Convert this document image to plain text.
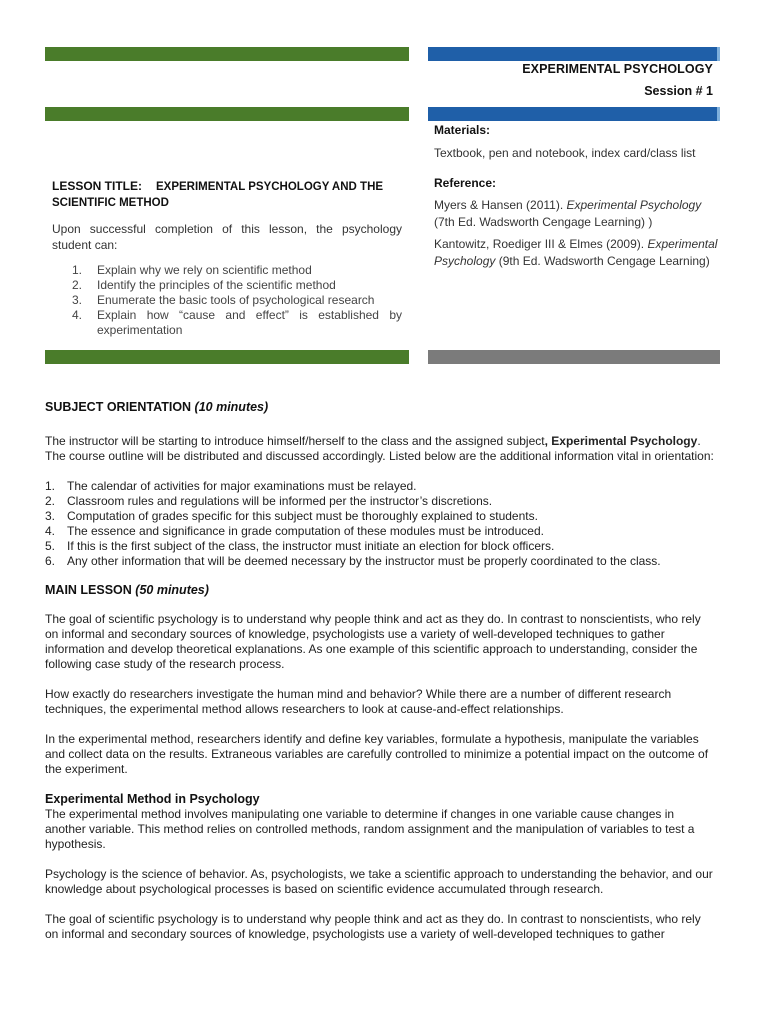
EXPERIMENTAL PSYCHOLOGY
Session # 1
LESSON TITLE: EXPERIMENTAL PSYCHOLOGY AND THE
SCIENTIFIC METHOD
Upon successful completion of this lesson, the psychology student can:
1.	Explain why we rely on scientific method
2.	Identify the principles of the scientific method
3.	Enumerate the basic tools of psychological research
4.	Explain how “cause and effect” is established by experimentation

Materials:

Textbook, pen and notebook, index card/class list

Reference:

Myers & Hansen (2011). Experimental Psychology (7th Ed. Wadsworth Cengage Learning) )

Kantowitz, Roediger III & Elmes (2009). Experimental Psychology (9th Ed. Wadsworth Cengage Learning)

SUBJECT ORIENTATION (10 minutes)

The instructor will be starting to introduce himself/herself to the class and the assigned subject, Experimental Psychology. The course outline will be distributed and discussed accordingly. Listed below are the additional information vital in orientation:

1. The calendar of activities for major examinations must be relayed.
2. Classroom rules and regulations will be informed per the instructor’s discretions.
3. Computation of grades specific for this subject must be thoroughly explained to students.
4. The essence and significance in grade computation of these modules must be introduced.
5. If this is the first subject of the class, the instructor must initiate an election for block officers.
6. Any other information that will be deemed necessary by the instructor must be properly coordinated to the class.

MAIN LESSON (50 minutes)

The goal of scientific psychology is to understand why people think and act as they do. In contrast to nonscientists, who rely on informal and secondary sources of knowledge, psychologists use a variety of well-developed techniques to gather information and develop theoretical explanations. As one example of this scientific approach to understanding, consider the following case study of the research process.

How exactly do researchers investigate the human mind and behavior? While there are a number of different research techniques, the experimental method allows researchers to look at cause-and-effect relationships.

In the experimental method, researchers identify and define key variables, formulate a hypothesis, manipulate the variables and collect data on the results. Extraneous variables are carefully controlled to minimize a potential impact on the outcome of the experiment.

Experimental Method in Psychology

The experimental method involves manipulating one variable to determine if changes in one variable cause changes in another variable. This method relies on controlled methods, random assignment and the manipulation of variables to test a hypothesis.

Psychology is the science of behavior. As, psychologists, we take a scientific approach to understanding the behavior, and our knowledge about psychological processes is based on scientific evidence accumulated through research.

The goal of scientific psychology is to understand why people think and act as they do. In contrast to nonscientists, who rely on informal and secondary sources of knowledge, psychologists use a variety of well-developed techniques to gather
